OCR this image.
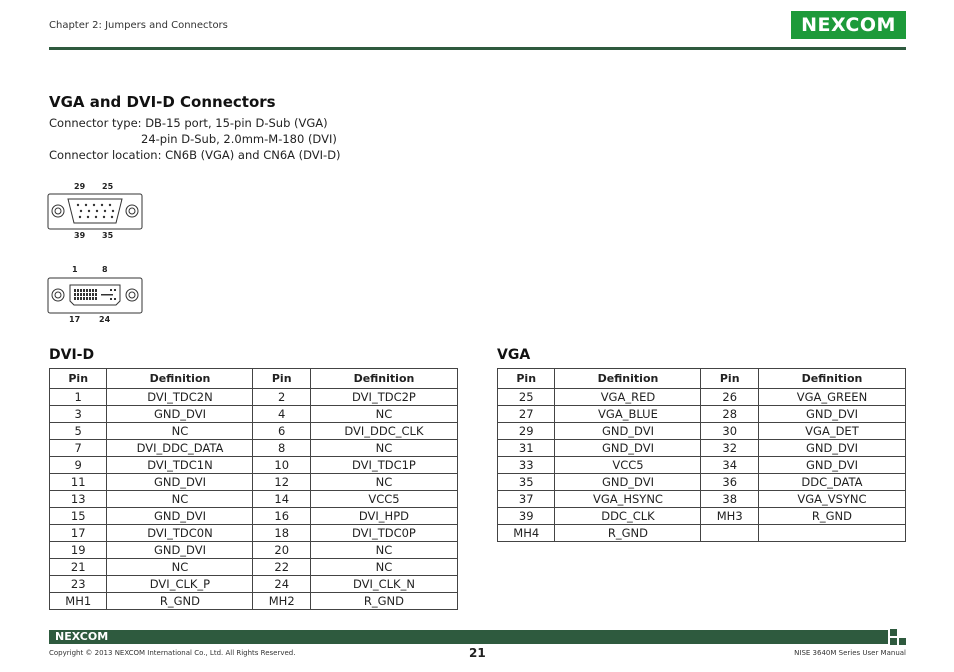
Chapter 2: Jumpers and Connectors	NEXCOM
VGA and DVI-D Connectors
Connector type: DB-15 port, 15-pin D-Sub (VGA)
24-pin D-Sub, 2.0mm-M-180 (DVI)
Connector location: CN6B (VGA) and CN6A (DVI-D)
29 25
39 35
1	8
17 24
DVI-D
Pin	Definition	Pin	Definition
1	DVI_TDC2N	2	DVI_TDC2P
3	GND_DVI	4	NC
5	NC	6	DVI_DDC_CLK
7	DVI_DDC_DATA	8	NC
9	DVI_TDC1N	10	DVI_TDC1P
11	GND_DVI	12	NC
13	NC	14	VCC5
15	GND_DVI	16	DVI_HPD
17	DVI_TDC0N	18	DVI_TDC0P
19	GND_DVI	20	NC
21	NC	22	NC
23	DVI_CLK_P	24	DVI_CLK_N
MH1	R_GND	MH2	R_GND
VGA
Pin	Definition	Pin	Definition
25	VGA_RED	26	VGA_GREEN
27	VGA_BLUE	28	GND_DVI
29	GND_DVI	30	VGA_DET
31	GND_DVI	32	GND_DVI
33	VCC5	34	GND_DVI
35	GND_DVI	36	DDC_DATA
37	VGA_HSYNC	38	VGA_VSYNC
39	DDC_CLK	MH3	R_GND
MH4	R_GND		
NEXCOM
Copyright © 2013 NEXCOM International Co., Ltd. All Rights Reserved.	21	NISE 3640M Series User Manual
